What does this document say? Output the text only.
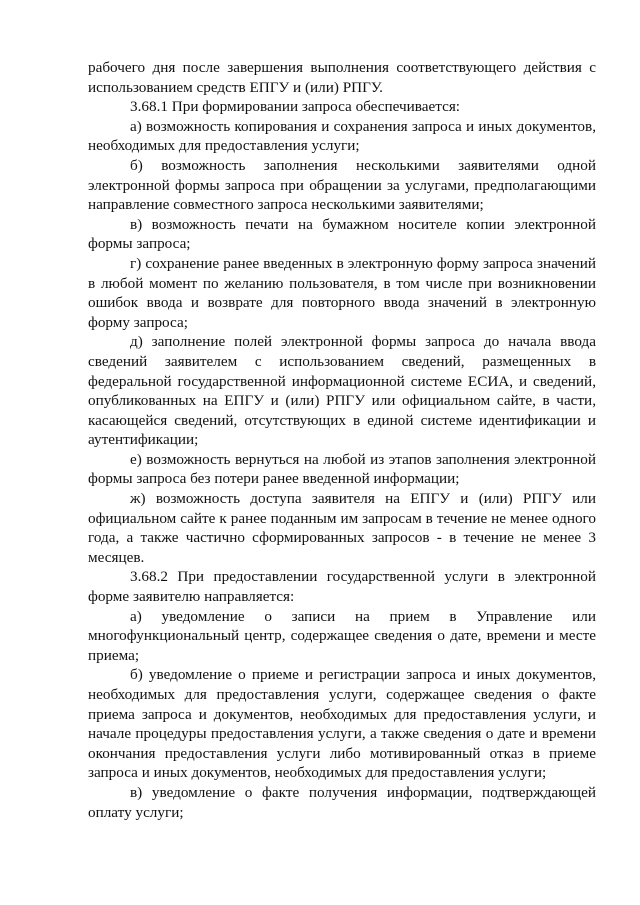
рабочего дня после завершения выполнения соответствующего действия с использованием средств ЕПГУ и (или) РПГУ.

3.68.1 При формировании запроса обеспечивается:

а) возможность копирования и сохранения запроса и иных документов, необходимых для предоставления услуги;

б) возможность заполнения несколькими заявителями одной электронной формы запроса при обращении за услугами, предполагающими направление совместного запроса несколькими заявителями;

в) возможность печати на бумажном носителе копии электронной формы запроса;

г) сохранение ранее введенных в электронную форму запроса значений в любой момент по желанию пользователя, в том числе при возникновении ошибок ввода и возврате для повторного ввода значений в электронную форму запроса;

д) заполнение полей электронной формы запроса до начала ввода сведений заявителем с использованием сведений, размещенных в федеральной государственной информационной системе ЕСИА, и сведений, опубликованных на ЕПГУ и (или) РПГУ или официальном сайте, в части, касающейся сведений, отсутствующих в единой системе идентификации и аутентификации;

е) возможность вернуться на любой из этапов заполнения электронной формы запроса без потери ранее введенной информации;

ж) возможность доступа заявителя на ЕПГУ и (или) РПГУ или официальном сайте к ранее поданным им запросам в течение не менее одного года, а также частично сформированных запросов - в течение не менее 3 месяцев.

3.68.2 При предоставлении государственной услуги в электронной форме заявителю направляется:

а) уведомление о записи на прием в Управление или многофункциональный центр, содержащее сведения о дате, времени и месте приема;

б) уведомление о приеме и регистрации запроса и иных документов, необходимых для предоставления услуги, содержащее сведения о факте приема запроса и документов, необходимых для предоставления услуги, и начале процедуры предоставления услуги, а также сведения о дате и времени окончания предоставления услуги либо мотивированный отказ в приеме запроса и иных документов, необходимых для предоставления услуги;

в) уведомление о факте получения информации, подтверждающей оплату услуги;
